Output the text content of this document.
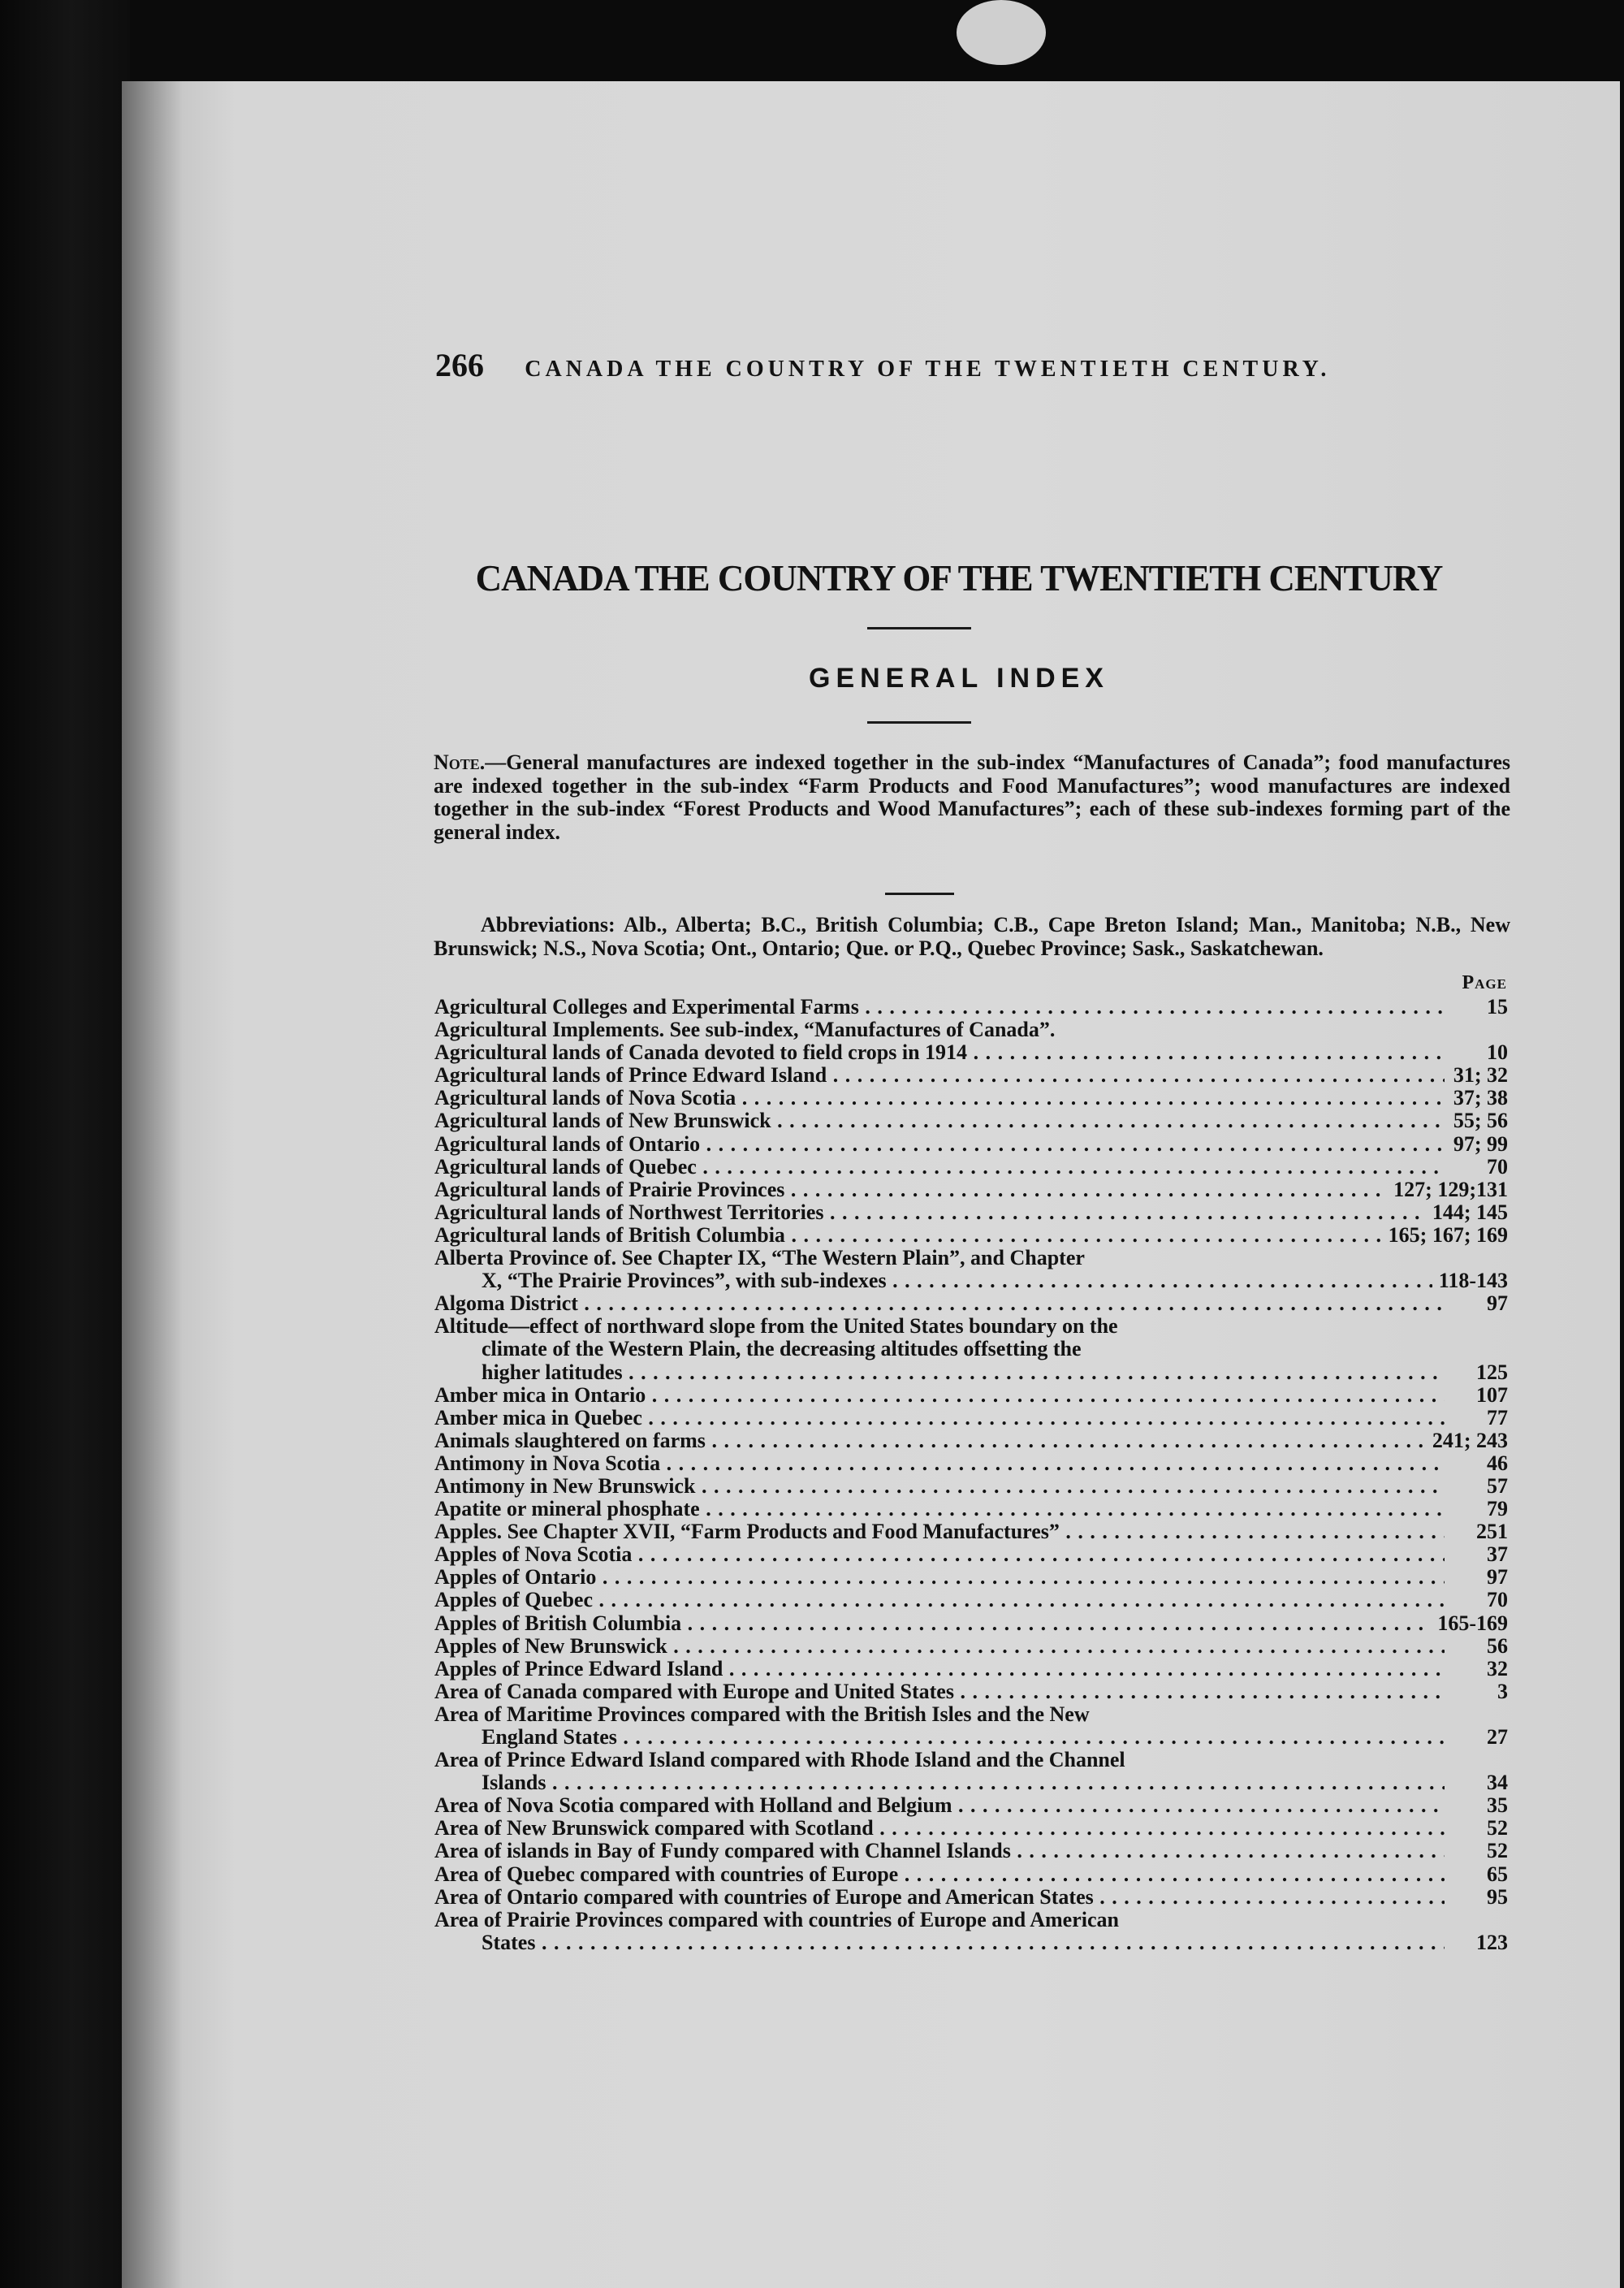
266 CANADA THE COUNTRY OF THE TWENTIETH CENTURY.
CANADA THE COUNTRY OF THE TWENTIETH CENTURY
GENERAL INDEX
Note.—General manufactures are indexed together in the sub-index “Manufactures of Canada”; food manufactures are indexed together in the sub-index “Farm Products and Food Manufactures”; wood manufactures are indexed together in the sub-index “Forest Products and Wood Manufactures”; each of these sub-indexes forming part of the general index.
Abbreviations: Alb., Alberta; B.C., British Columbia; C.B., Cape Breton Island; Man., Manitoba; N.B., New Brunswick; N.S., Nova Scotia; Ont., Ontario; Que. or P.Q., Quebec Province; Sask., Saskatchewan.
Page
Agricultural Colleges and Experimental Farms . . .	15
Agricultural Implements. See sub-index, “Manufactures of Canada”.
Agricultural lands of Canada devoted to field crops in 1914 . . .	10
Agricultural lands of Prince Edward Island . . .	31; 32
Agricultural lands of Nova Scotia . . .	37; 38
Agricultural lands of New Brunswick . . .	55; 56
Agricultural lands of Ontario . . .	97; 99
Agricultural lands of Quebec . . .	70
Agricultural lands of Prairie Provinces . . .	127; 129;131
Agricultural lands of Northwest Territories . . .	144; 145
Agricultural lands of British Columbia . . .	165; 167; 169
Alberta Province of. See Chapter IX, “The Western Plain”, and Chapter
X, “The Prairie Provinces”, with sub-indexes . . .	118-143
Algoma District . . .	97
Altitude—effect of northward slope from the United States boundary on the
climate of the Western Plain, the decreasing altitudes offsetting the
higher latitudes . . .	125
Amber mica in Ontario . . .	107
Amber mica in Quebec . . .	77
Animals slaughtered on farms . . .	241; 243
Antimony in Nova Scotia . . .	46
Antimony in New Brunswick . . .	57
Apatite or mineral phosphate . . .	79
Apples. See Chapter XVII, “Farm Products and Food Manufactures” . . .	251
Apples of Nova Scotia . . .	37
Apples of Ontario . . .	97
Apples of Quebec . . .	70
Apples of British Columbia . . .	165-169
Apples of New Brunswick . . .	56
Apples of Prince Edward Island . . .	32
Area of Canada compared with Europe and United States . . .	3
Area of Maritime Provinces compared with the British Isles and the New
England States . . .	27
Area of Prince Edward Island compared with Rhode Island and the Channel
Islands . . .	34
Area of Nova Scotia compared with Holland and Belgium . . .	35
Area of New Brunswick compared with Scotland . . .	52
Area of islands in Bay of Fundy compared with Channel Islands . . .	52
Area of Quebec compared with countries of Europe . . .	65
Area of Ontario compared with countries of Europe and American States . . .	95
Area of Prairie Provinces compared with countries of Europe and American
States . . .	123
